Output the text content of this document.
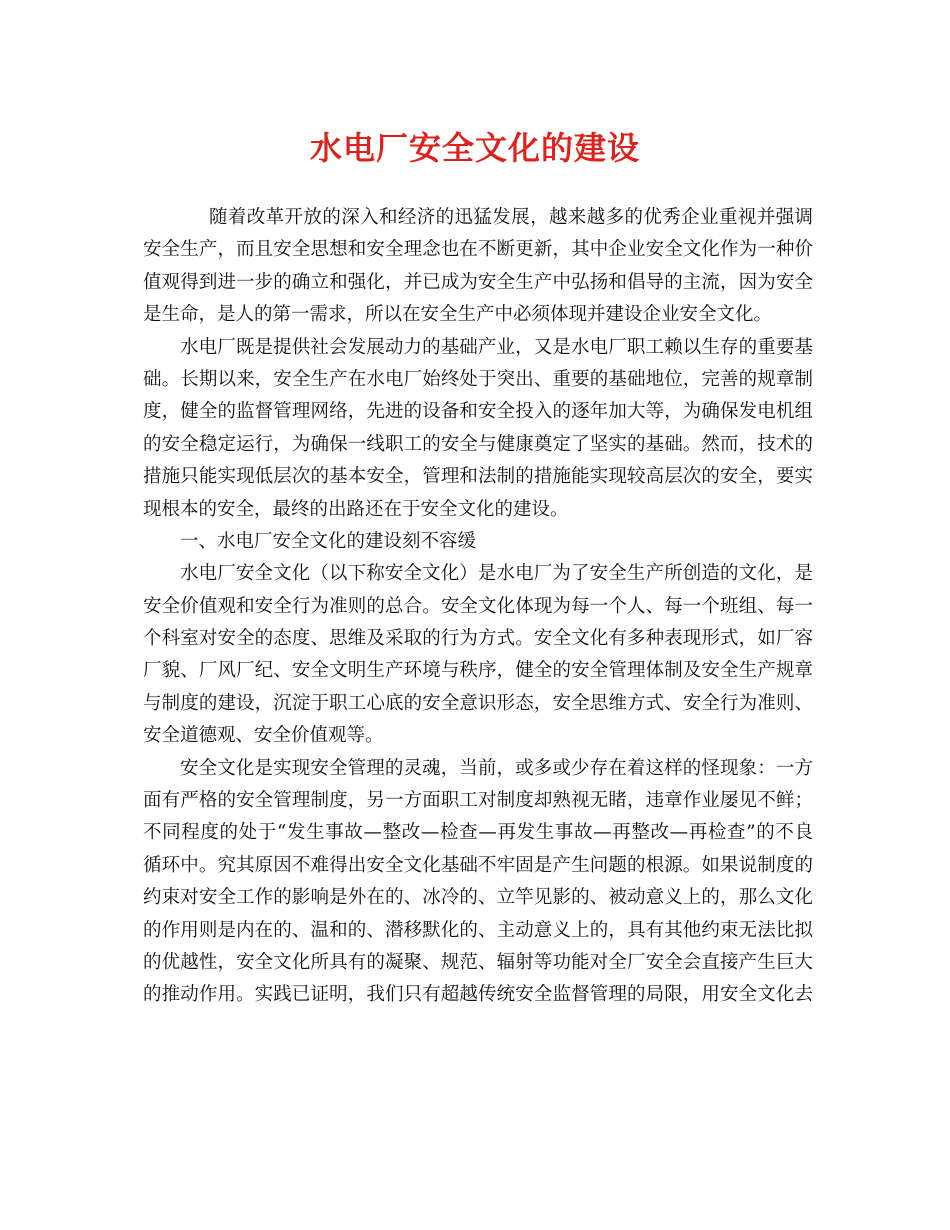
水电厂安全文化的建设
随着改革开放的深入和经济的迅猛发展，越来越多的优秀企业重视并强调
安全生产，而且安全思想和安全理念也在不断更新，其中企业安全文化作为一种价
值观得到进一步的确立和强化，并已成为安全生产中弘扬和倡导的主流，因为安全
是生命，是人的第一需求，所以在安全生产中必须体现并建设企业安全文化。
水电厂既是提供社会发展动力的基础产业，又是水电厂职工赖以生存的重要基
础。长期以来，安全生产在水电厂始终处于突出、重要的基础地位，完善的规章制
度，健全的监督管理网络，先进的设备和安全投入的逐年加大等，为确保发电机组
的安全稳定运行，为确保一线职工的安全与健康奠定了坚实的基础。然而，技术的
措施只能实现低层次的基本安全，管理和法制的措施能实现较高层次的安全，要实
现根本的安全，最终的出路还在于安全文化的建设。
一、水电厂安全文化的建设刻不容缓
水电厂安全文化（以下称安全文化）是水电厂为了安全生产所创造的文化，是
安全价值观和安全行为准则的总合。安全文化体现为每一个人、每一个班组、每一
个科室对安全的态度、思维及采取的行为方式。安全文化有多种表现形式，如厂容
厂貌、厂风厂纪、安全文明生产环境与秩序，健全的安全管理体制及安全生产规章
与制度的建设，沉淀于职工心底的安全意识形态，安全思维方式、安全行为准则、
安全道德观、安全价值观等。
安全文化是实现安全管理的灵魂，当前，或多或少存在着这样的怪现象：一方
面有严格的安全管理制度，另一方面职工对制度却熟视无睹，违章作业屡见不鲜；
不同程度的处于“发生事故—整改—检查—再发生事故—再整改—再检查”的不良
循环中。究其原因不难得出安全文化基础不牢固是产生问题的根源。如果说制度的
约束对安全工作的影响是外在的、冰冷的、立竿见影的、被动意义上的，那么文化
的作用则是内在的、温和的、潜移默化的、主动意义上的，具有其他约束无法比拟
的优越性，安全文化所具有的凝聚、规范、辐射等功能对全厂安全会直接产生巨大
的推动作用。实践已证明，我们只有超越传统安全监督管理的局限，用安全文化去
